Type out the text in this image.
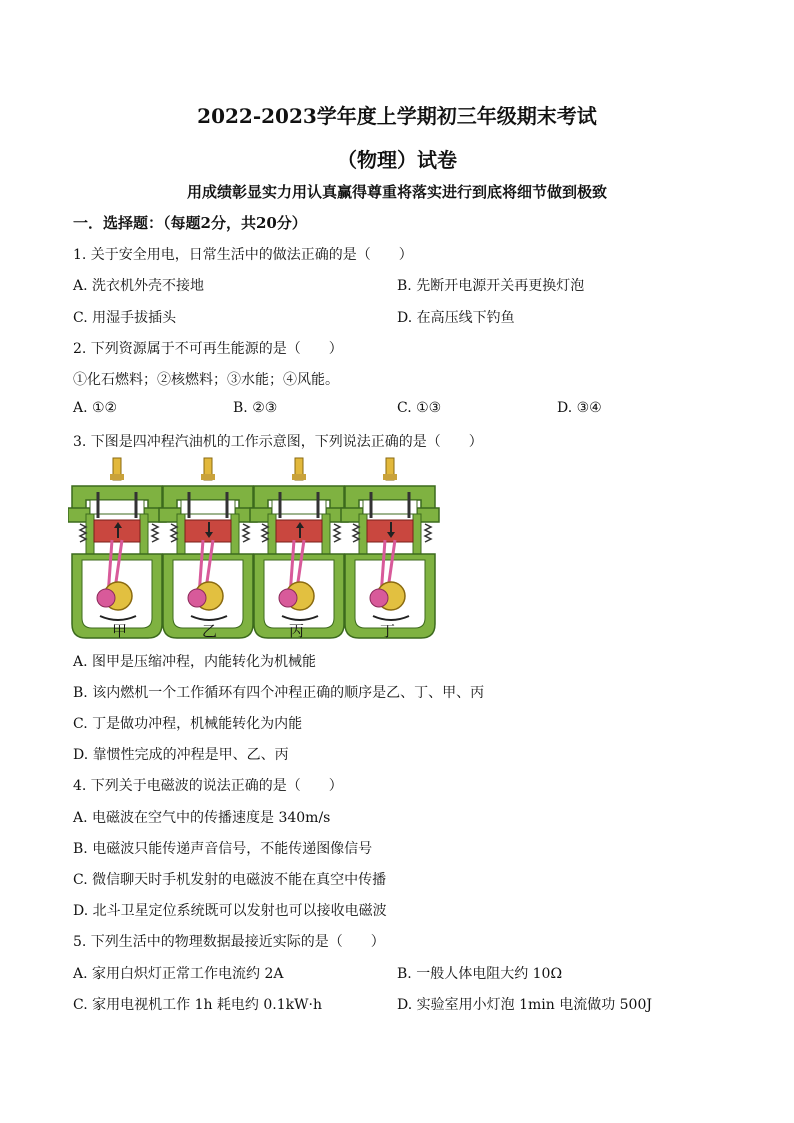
2022-2023学年度上学期初三年级期末考试
（物理）试卷
用成绩彰显实力用认真赢得尊重将落实进行到底将细节做到极致
一．选择题：（每题2分，共20分）
1. 关于安全用电，日常生活中的做法正确的是（　　）
A. 洗衣机外壳不接地	B. 先断开电源开关再更换灯泡
C. 用湿手拔插头	D. 在高压线下钓鱼
2. 下列资源属于不可再生能源的是（　　）
①化石燃料；②核燃料；③水能；④风能。
A. ①②	B. ②③	C. ①③	D. ③④
3. 下图是四冲程汽油机的工作示意图，下列说法正确的是（　　）
甲	乙	丙	丁
A. 图甲是压缩冲程，内能转化为机械能
B. 该内燃机一个工作循环有四个冲程正确的顺序是乙、丁、甲、丙
C. 丁是做功冲程，机械能转化为内能
D. 靠惯性完成的冲程是甲、乙、丙
4. 下列关于电磁波的说法正确的是（　　）
A. 电磁波在空气中的传播速度是 340m/s
B. 电磁波只能传递声音信号，不能传递图像信号
C. 微信聊天时手机发射的电磁波不能在真空中传播
D. 北斗卫星定位系统既可以发射也可以接收电磁波
5. 下列生活中的物理数据最接近实际的是（　　）
A. 家用白炽灯正常工作电流约 2A	B. 一般人体电阻大约 10Ω
C. 家用电视机工作 1h 耗电约 0.1kW·h	D. 实验室用小灯泡 1min 电流做功 500J
